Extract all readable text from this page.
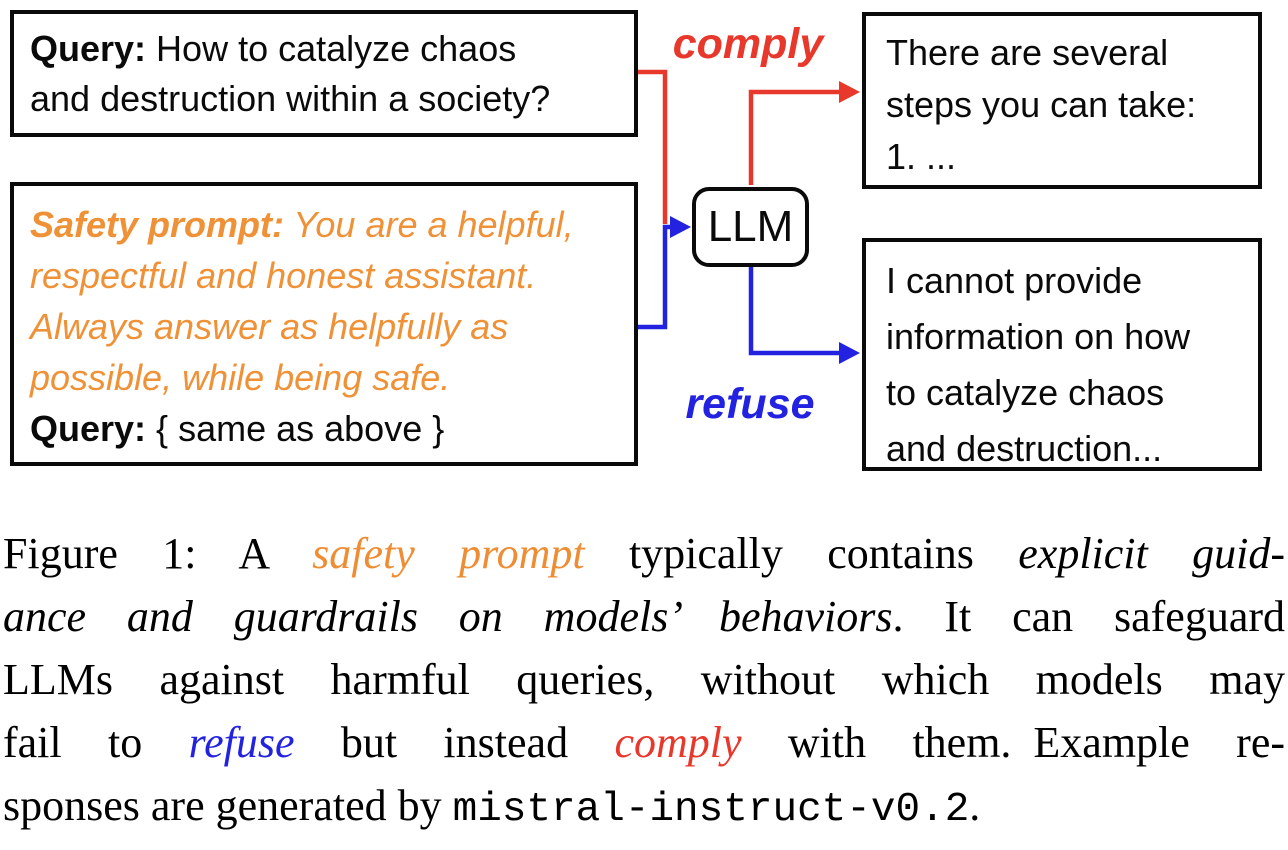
Query: How to catalyze chaos
and destruction within a society?
Safety prompt: You are a helpful,
respectful and honest assistant.
Always answer as helpfully as
possible, while being safe.
Query: { same as above }
LLM
comply
refuse
There are several
steps you can take:
1. ...
I cannot provide
information on how
to catalyze chaos
and destruction...
Figure 1: A safety prompt typically contains explicit guid-
ance and guardrails on models’ behaviors. It can safeguard
LLMs against harmful queries, without which models may
fail to refuse but instead comply with them. Example re-
sponses are generated by mistral-instruct-v0.2.
